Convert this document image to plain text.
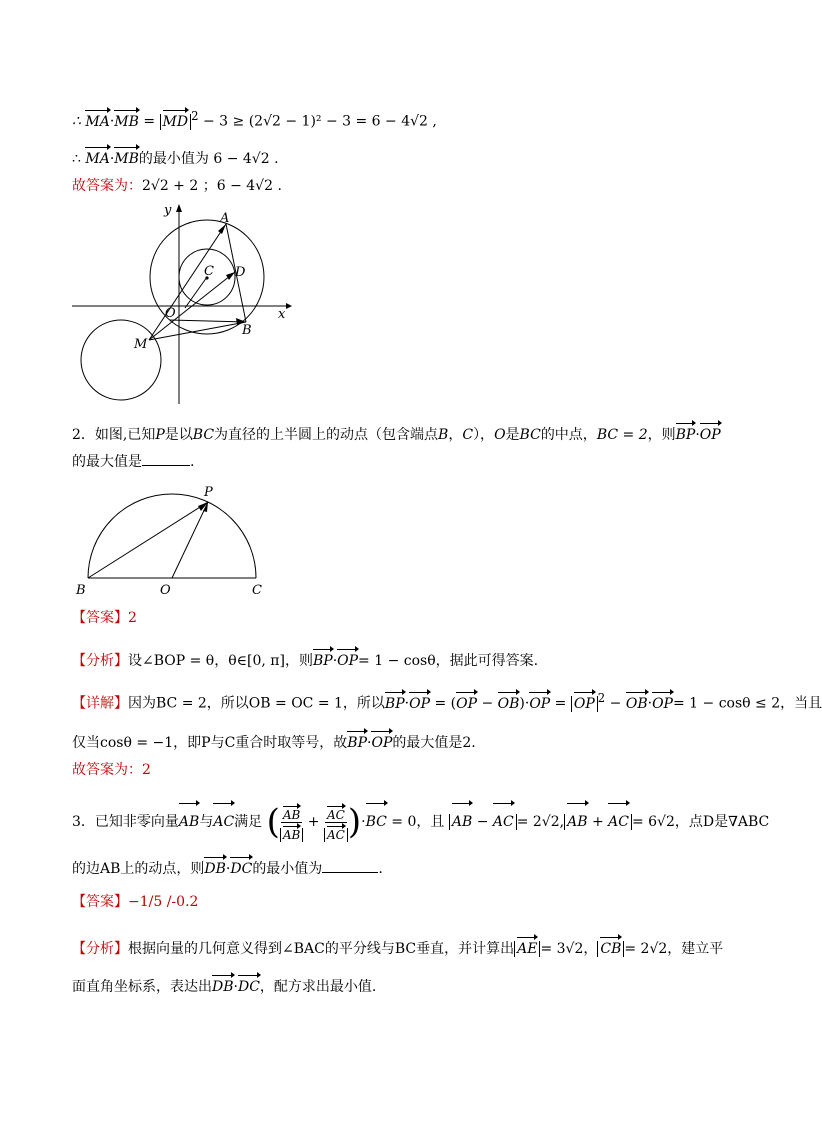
∴ MA·MB = MD $^2$ − 3 ≥ (2√2 − 1)² − 3 = 6 − 4√2 ,
∴ MA·MB的最小值为 6 − 4√2 .
故答案为：2√2 + 2 ；6 − 4√2 .
y
x
A
C D
O
B
M
2．如图,已知P是以BC为直径的上半圆上的动点（包含端点B，C），O是BC的中点，BC = 2，则BP·OP
的最大值是	.
P
B	O	C
【答案】2
【分析】设∠BOP = θ，θ∈[0, π]，则BP·OP= 1 − cosθ，据此可得答案.
【详解】因为BC = 2，所以OB = OC = 1，所以BP·OP = (OP − OB)·OP = OP $^2$ − OB·OP= 1 − cosθ ≤ 2，当且
仅当cosθ = −1，即P与C重合时取等号，故BP·OP的最大值是2.
故答案为：2
3．已知非零向量AB与AC满足 ( $\frac{AB}{AB} + \frac{AC}{AC} )\cdot BC = 0$，且 AB − AC = 2√2, AB + AC = 6√2，点D是∇ABC
的边AB上的动点，则DB·DC的最小值为	.
【答案】−1/5 /-0.2
【分析】根据向量的几何意义得到∠BAC的平分线与BC垂直，并计算出 AE = 3√2， CB = 2√2，建立平
面直角坐标系，表达出DB·DC，配方求出最小值.
